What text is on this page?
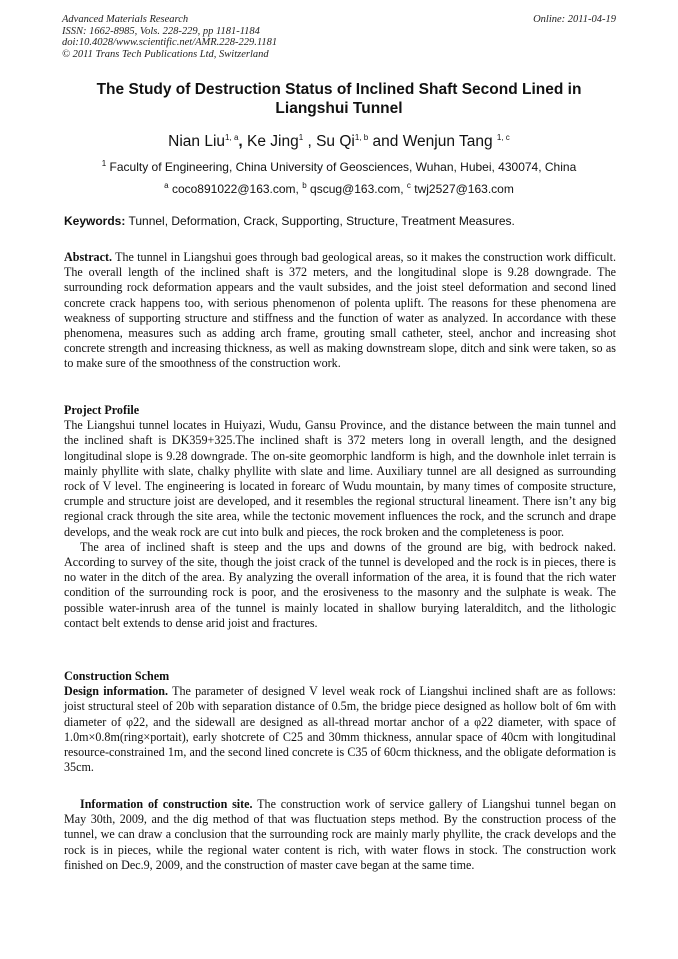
Advanced Materials Research
ISSN: 1662-8985, Vols. 228-229, pp 1181-1184
doi:10.4028/www.scientific.net/AMR.228-229.1181
© 2011 Trans Tech Publications Ltd, Switzerland
Online: 2011-04-19
The Study of Destruction Status of Inclined Shaft Second Lined in Liangshui Tunnel
Nian Liu$^{1, a}$, Ke Jing$^1$ , Su Qi$^{1, b}$ and Wenjun Tang $^{1, c}$
$^1$ Faculty of Engineering, China University of Geosciences, Wuhan, Hubei, 430074, China
$^a$ coco891022@163.com, $^b$ qscug@163.com, $^c$ twj2527@163.com
Keywords: Tunnel, Deformation, Crack, Supporting, Structure, Treatment Measures.

Abstract. The tunnel in Liangshui goes through bad geological areas, so it makes the construction work difficult. The overall length of the inclined shaft is 372 meters, and the longitudinal slope is 9.28 downgrade. The surrounding rock deformation appears and the vault subsides, and the joist steel deformation and second lined concrete crack happens too, with serious phenomenon of polenta uplift. The reasons for these phenomena are weakness of supporting structure and stiffness and the function of water as analyzed. In accordance with these phenomena, measures such as adding arch frame, grouting small catheter, steel, anchor and increasing shot concrete strength and increasing thickness, as well as making downstream slope, ditch and sink were taken, so as to make sure of the smoothness of the construction work.

Project Profile

The Liangshui tunnel locates in Huiyazi, Wudu, Gansu Province, and the distance between the main tunnel and the inclined shaft is DK359+325.The inclined shaft is 372 meters long in overall length, and the designed longitudinal slope is 9.28 downgrade. The on-site geomorphic landform is high, and the downhole inlet terrain is mainly phyllite with slate, chalky phyllite with slate and lime. Auxiliary tunnel are all designed as surrounding rock of V level. The engineering is located in forearc of Wudu mountain, by many times of composite structure, crumple and structure joist are developed, and it resembles the regional structural lineament. There isn’t any big regional crack through the site area, while the tectonic movement influences the rock, and the scrunch and drape develops, and the weak rock are cut into bulk and pieces, the rock broken and the completeness is poor.

The area of inclined shaft is steep and the ups and downs of the ground are big, with bedrock naked. According to survey of the site, though the joist crack of the tunnel is developed and the rock is in pieces, there is no water in the ditch of the area. By analyzing the overall information of the area, it is found that the rich water condition of the surrounding rock is poor, and the erosiveness to the masonry and the sulphate is weak. The possible water-inrush area of the tunnel is mainly located in shallow burying lateralditch, and the lithologic contact belt extends to dense arid joist and fractures.

Construction Schem

Design information. The parameter of designed V level weak rock of Liangshui inclined shaft are as follows: joist structural steel of 20b with separation distance of 0.5m, the bridge piece designed as hollow bolt of 6m with diameter of φ22, and the sidewall are designed as all-thread mortar anchor of a φ22 diameter, with space of 1.0m×0.8m(ring×portait), early shotcrete of C25 and 30mm thickness, annular space of 40cm with longitudinal resource-constrained 1m, and the second lined concrete is C35 of 60cm thickness, and the obligate deformation is 35cm.

Information of construction site. The construction work of service gallery of Liangshui tunnel began on May 30th, 2009, and the dig method of that was fluctuation steps method. By the construction process of the tunnel, we can draw a conclusion that the surrounding rock are mainly marly phyllite, the crack develops and the rock is in pieces, while the regional water content is rich, with water flows in stock. The construction work finished on Dec.9, 2009, and the construction of master cave began at the same time.
